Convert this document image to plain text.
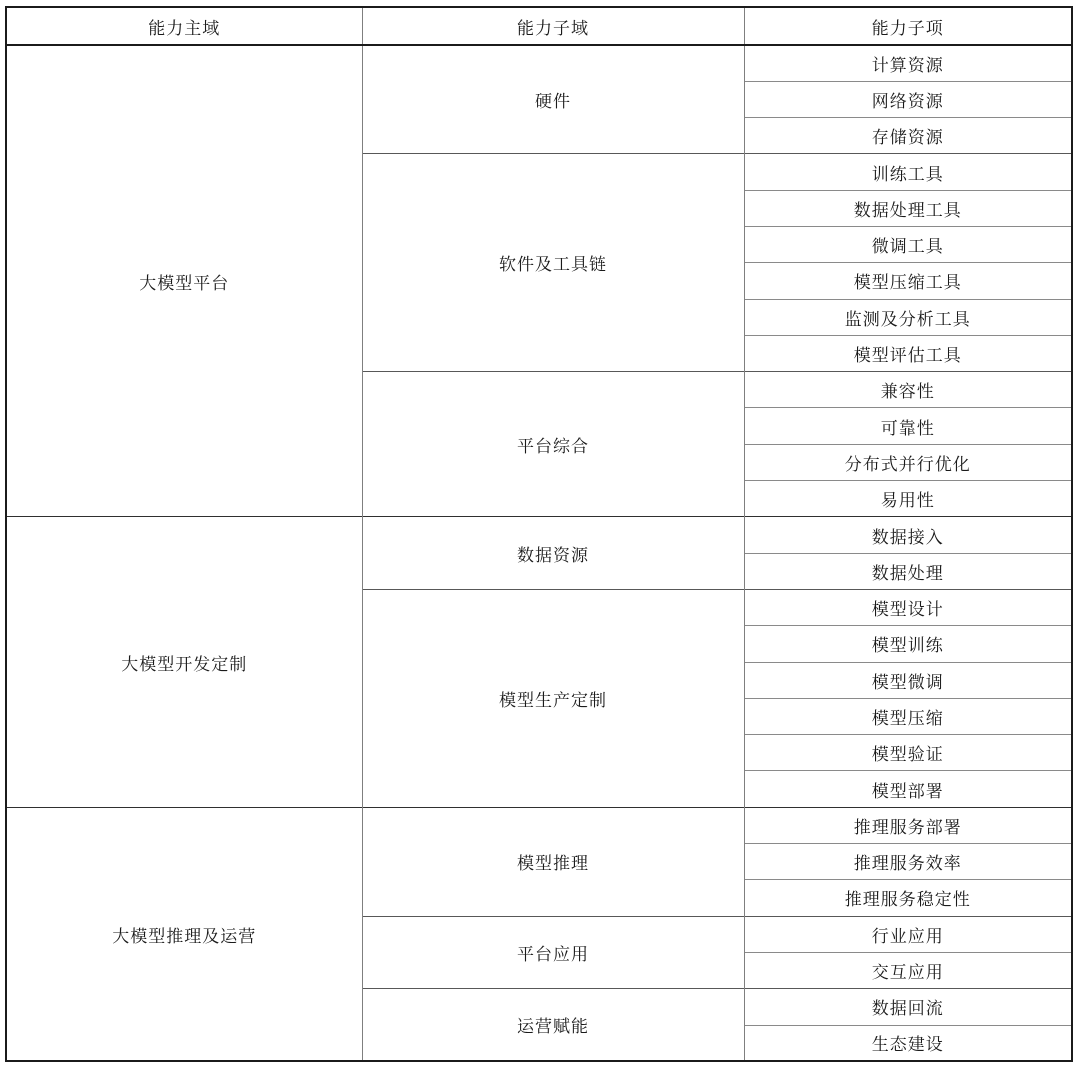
能力主域	能力子域	能力子项
大模型平台	硬件	计算资源
		网络资源
		存储资源
	软件及工具链	训练工具
		数据处理工具
		微调工具
		模型压缩工具
		监测及分析工具
		模型评估工具
	平台综合	兼容性
		可靠性
		分布式并行优化
		易用性
大模型开发定制	数据资源	数据接入
		数据处理
	模型生产定制	模型设计
		模型训练
		模型微调
		模型压缩
		模型验证
		模型部署
大模型推理及运营	模型推理	推理服务部署
		推理服务效率
		推理服务稳定性
	平台应用	行业应用
		交互应用
	运营赋能	数据回流
		生态建设
